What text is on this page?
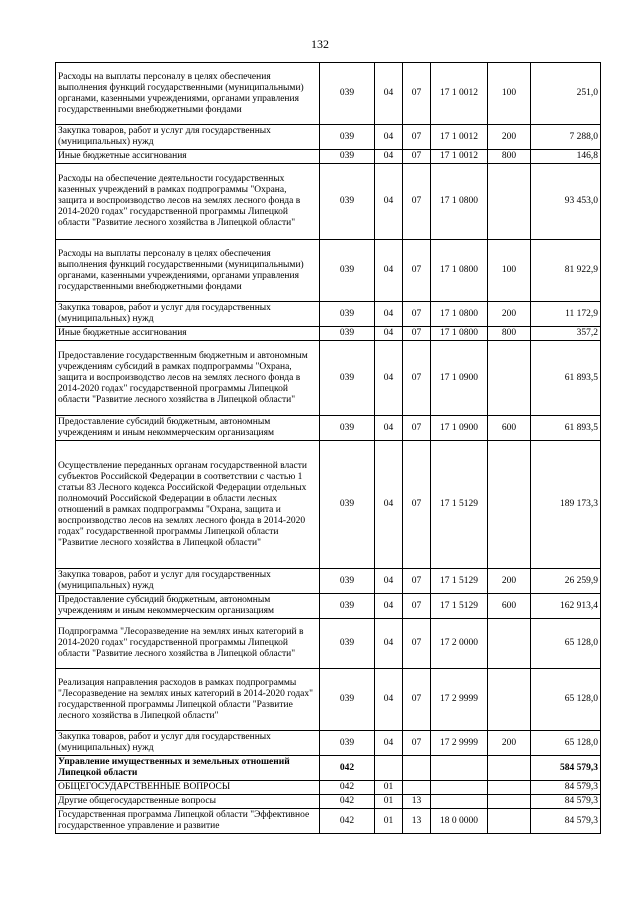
132
Расходы на выплаты персоналу в целях обеспечения выполнения функций государственными (муниципальными) органами, казенными учреждениями, органами управления государственными внебюджетными фондами	039	04	07	17 1 0012	100	251,0
Закупка товаров, работ и услуг для государственных (муниципальных) нужд	039	04	07	17 1 0012	200	7 288,0
Иные бюджетные ассигнования	039	04	07	17 1 0012	800	146,8
Расходы на обеспечение деятельности государственных казенных учреждений в рамках подпрограммы "Охрана, защита и воспроизводство лесов на землях лесного фонда в 2014-2020 годах" государственной программы Липецкой области "Развитие лесного хозяйства в Липецкой области"	039	04	07	17 1 0800		93 453,0
Расходы на выплаты персоналу в целях обеспечения выполнения функций государственными (муниципальными) органами, казенными учреждениями, органами управления государственными внебюджетными фондами	039	04	07	17 1 0800	100	81 922,9
Закупка товаров, работ и услуг для государственных (муниципальных) нужд	039	04	07	17 1 0800	200	11 172,9
Иные бюджетные ассигнования	039	04	07	17 1 0800	800	357,2
Предоставление государственным бюджетным и автономным учреждениям субсидий в рамках подпрограммы "Охрана, защита и воспроизводство лесов на землях лесного фонда в 2014-2020 годах" государственной программы Липецкой области "Развитие лесного хозяйства в Липецкой области"	039	04	07	17 1 0900		61 893,5
Предоставление субсидий бюджетным, автономным учреждениям и иным некоммерческим организациям	039	04	07	17 1 0900	600	61 893,5
Осуществление переданных органам государственной власти субъектов Российской Федерации в соответствии с частью 1 статьи 83 Лесного кодекса Российской Федерации отдельных полномочий Российской Федерации в области лесных отношений в рамках подпрограммы "Охрана, защита и воспроизводство лесов на землях лесного фонда в 2014-2020 годах" государственной программы Липецкой области "Развитие лесного хозяйства в Липецкой области"	039	04	07	17 1 5129		189 173,3
Закупка товаров, работ и услуг для государственных (муниципальных) нужд	039	04	07	17 1 5129	200	26 259,9
Предоставление субсидий бюджетным, автономным учреждениям и иным некоммерческим организациям	039	04	07	17 1 5129	600	162 913,4
Подпрограмма "Лесоразведение на землях иных категорий в 2014-2020 годах" государственной программы Липецкой области "Развитие лесного хозяйства в Липецкой области"	039	04	07	17 2 0000		65 128,0
Реализация направления расходов в рамках подпрограммы "Лесоразведение на землях иных категорий в 2014-2020 годах" государственной программы Липецкой области "Развитие лесного хозяйства в Липецкой области"	039	04	07	17 2 9999		65 128,0
Закупка товаров, работ и услуг для государственных (муниципальных) нужд	039	04	07	17 2 9999	200	65 128,0
Управление имущественных и земельных отношений Липецкой области	042					584 579,3
ОБЩЕГОСУДАРСТВЕННЫЕ ВОПРОСЫ	042	01				84 579,3
Другие общегосударственные вопросы	042	01	13			84 579,3
Государственная программа Липецкой области "Эффективное государственное управление и развитие	042	01	13	18 0 0000		84 579,3
